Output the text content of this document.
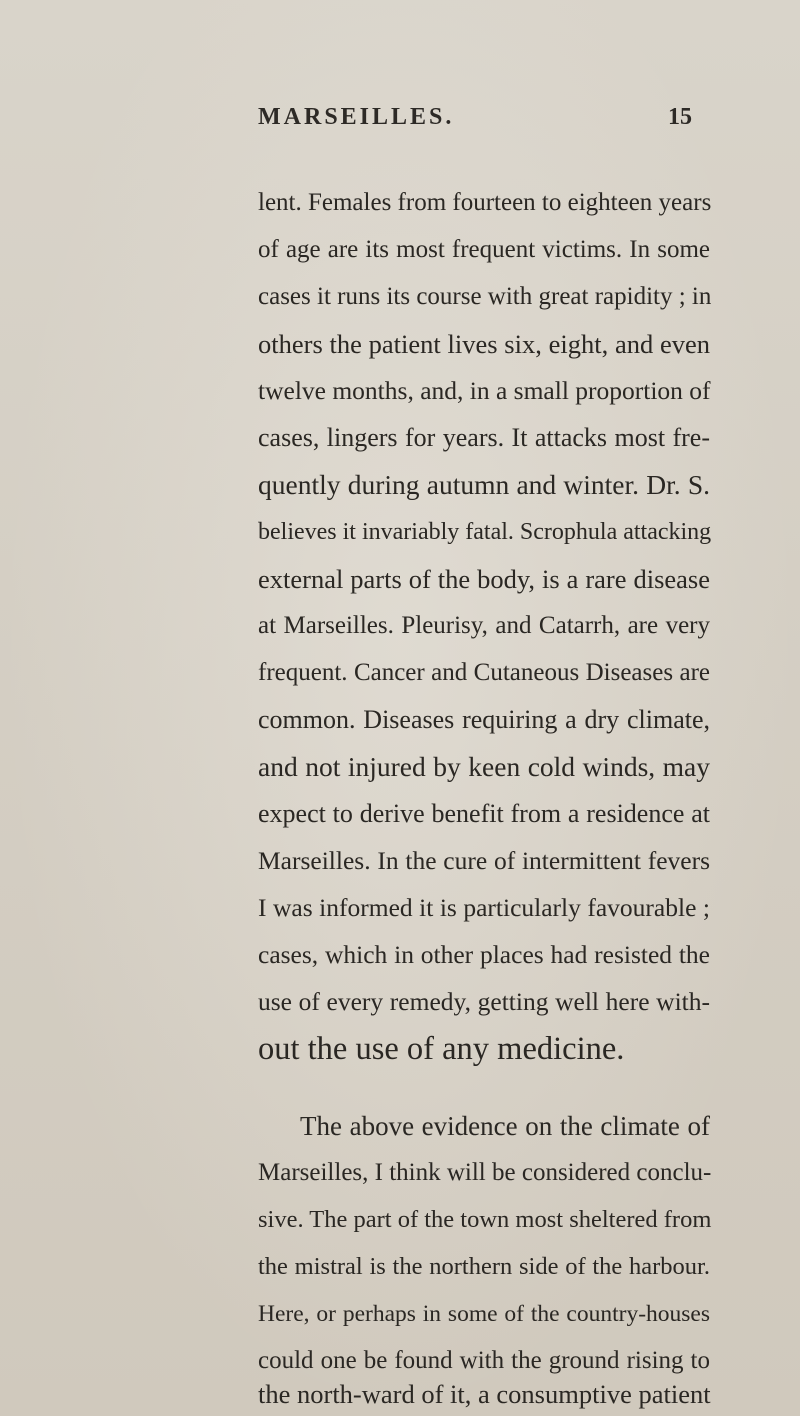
MARSEILLES.	15
lent. Females from fourteen to eighteen years
of age are its most frequent victims. In some
cases it runs its course with great rapidity ; in
others the patient lives six, eight, and even
twelve months, and, in a small proportion of
cases, lingers for years. It attacks most fre-
quently during autumn and winter. Dr. S.
believes it invariably fatal. Scrophula attacking
external parts of the body, is a rare disease
at Marseilles. Pleurisy, and Catarrh, are very
frequent. Cancer and Cutaneous Diseases are
common. Diseases requiring a dry climate,
and not injured by keen cold winds, may
expect to derive benefit from a residence at
Marseilles. In the cure of intermittent fevers
I was informed it is particularly favourable ;
cases, which in other places had resisted the
use of every remedy, getting well here with-
out the use of any medicine.
The above evidence on the climate of
Marseilles, I think will be considered conclu-
sive. The part of the town most sheltered from
the mistral is the northern side of the harbour.
Here, or perhaps in some of the country-houses
could one be found with the ground rising to
the north-ward of it, a consumptive patient
